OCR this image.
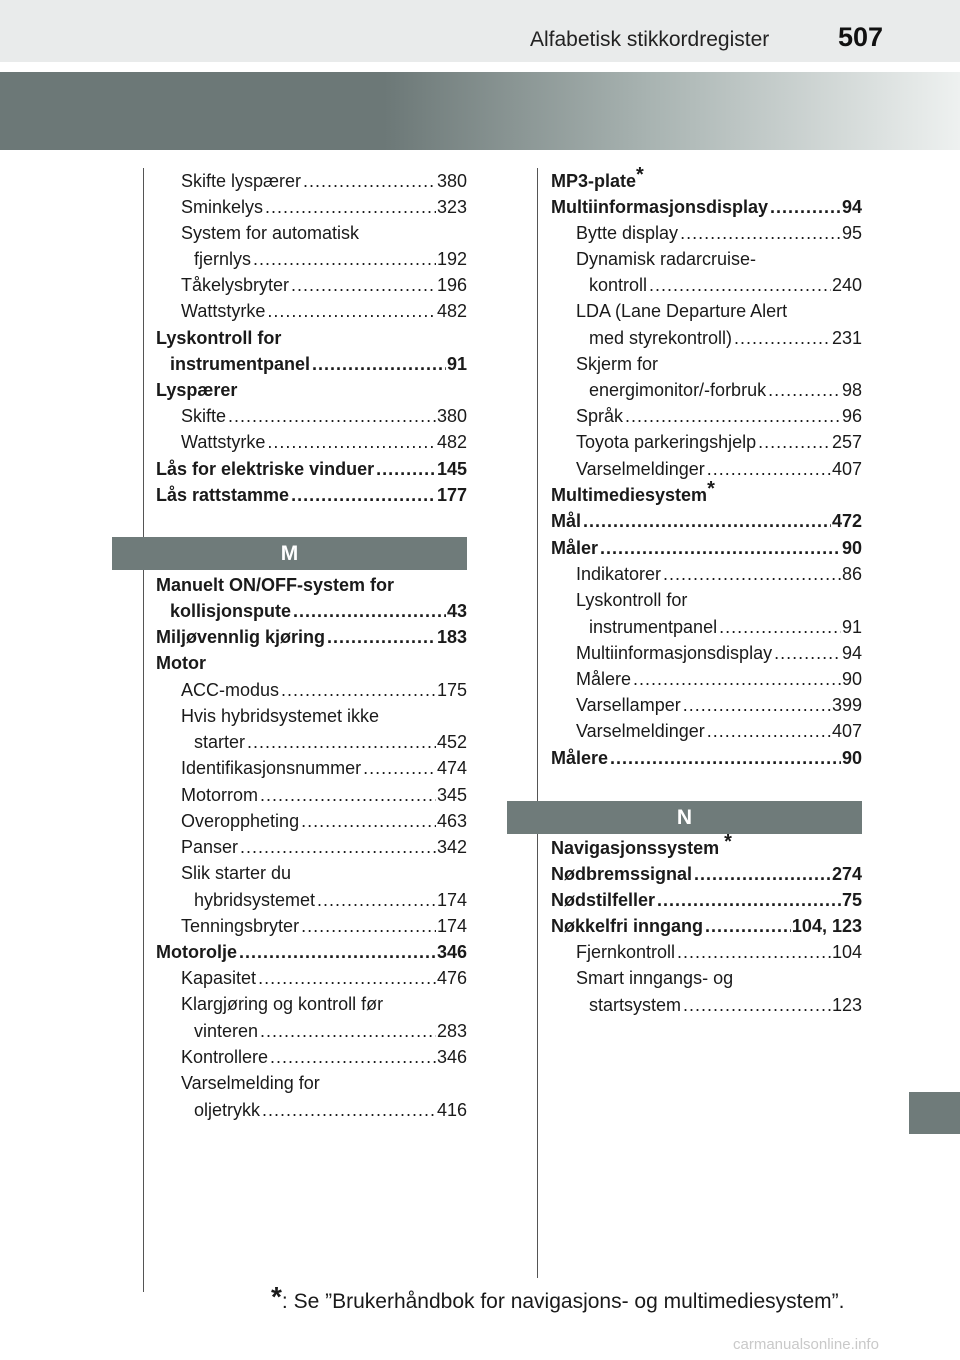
Alfabetisk stikkordregister	507
M
N
Skifte lyspærer .....	380
Sminkelys .....	323
System for automatisk
fjernlys .....	192
Tåkelysbryter .....	196
Wattstyrke .....	482
Lyskontroll for
instrumentpanel .....	91
Lyspærer
Skifte .....	380
Wattstyrke .....	482
Lås for elektriske vinduer .....	145
Lås rattstamme .....	177
Manuelt ON/OFF-system for
kollisjonspute .....	43
Miljøvennlig kjøring .....	183
Motor
ACC-modus .....	175
Hvis hybridsystemet ikke
starter .....	452
Identifikasjonsnummer .....	474
Motorrom .....	345
Overoppheting .....	463
Panser .....	342
Slik starter du
hybridsystemet .....	174
Tenningsbryter .....	174
Motorolje .....	346
Kapasitet .....	476
Klargjøring og kontroll før
vinteren .....	283
Kontrollere .....	346
Varselmelding for
oljetrykk .....	416
MP3-plate*
Multiinformasjonsdisplay .....	94
Bytte display .....	95
Dynamisk radarcruise-
kontroll .....	240
LDA (Lane Departure Alert
med styrekontroll) .....	231
Skjerm for
energimonitor/-forbruk .....	98
Språk .....	96
Toyota parkeringshjelp .....	257
Varselmeldinger .....	407
Multimediesystem*
Mål .....	472
Måler .....	90
Indikatorer .....	86
Lyskontroll for
instrumentpanel .....	91
Multiinformasjonsdisplay .....	94
Målere .....	90
Varsellamper .....	399
Varselmeldinger .....	407
Målere .....	90
Navigasjonssystem *
Nødbremssignal .....	274
Nødstilfeller .....	75
Nøkkelfri inngang .....	104, 123
Fjernkontroll .....	104
Smart inngangs- og
startsystem .....	123
*: Se ”Brukerhåndbok for navigasjons- og multimediesystem”.
carmanualsonline.info
